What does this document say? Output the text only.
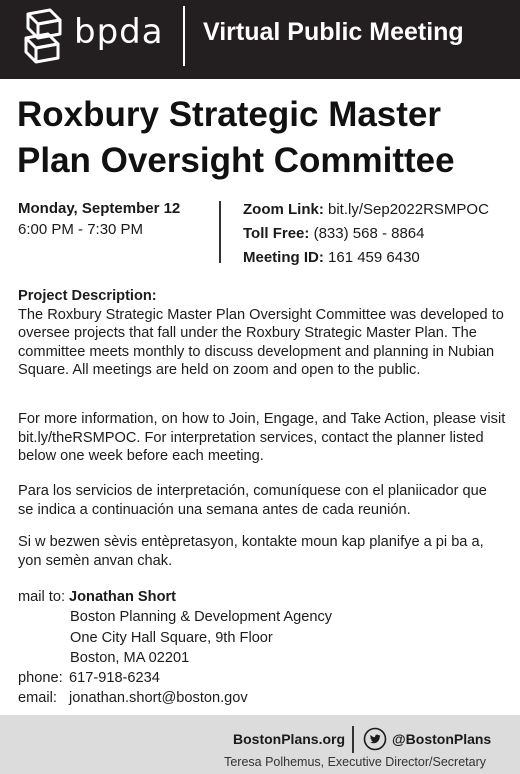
bpda Virtual Public Meeting
Roxbury Strategic Master
Plan Oversight Committee
Monday, September 12
6:00 PM - 7:30 PM
Zoom Link: bit.ly/Sep2022RSMPOC
Toll Free: (833) 568 - 8864
Meeting ID: 161 459 6430
Project Description:
The Roxbury Strategic Master Plan Oversight Committee was developed to oversee projects that fall under the Roxbury Strategic Master Plan. The committee meets monthly to discuss development and planning in Nubian Square. All meetings are held on zoom and open to the public.
For more information, on how to Join, Engage, and Take Action, please visit bit.ly/theRSMPOC. For interpretation services, contact the planner listed below one week before each meeting.
Para los servicios de interpretación, comuníquese con el planiicador que se indica a continuación una semana antes de cada reunión.
Si w bezwen sèvis entèpretasyon, kontakte moun kap planifye a pi ba a, yon semèn anvan chak.
mail to: Jonathan Short
Boston Planning & Development Agency
One City Hall Square, 9th Floor
Boston, MA 02201
phone: 617-918-6234
email: jonathan.short@boston.gov
BostonPlans.org	@BostonPlans
Teresa Polhemus, Executive Director/Secretary
